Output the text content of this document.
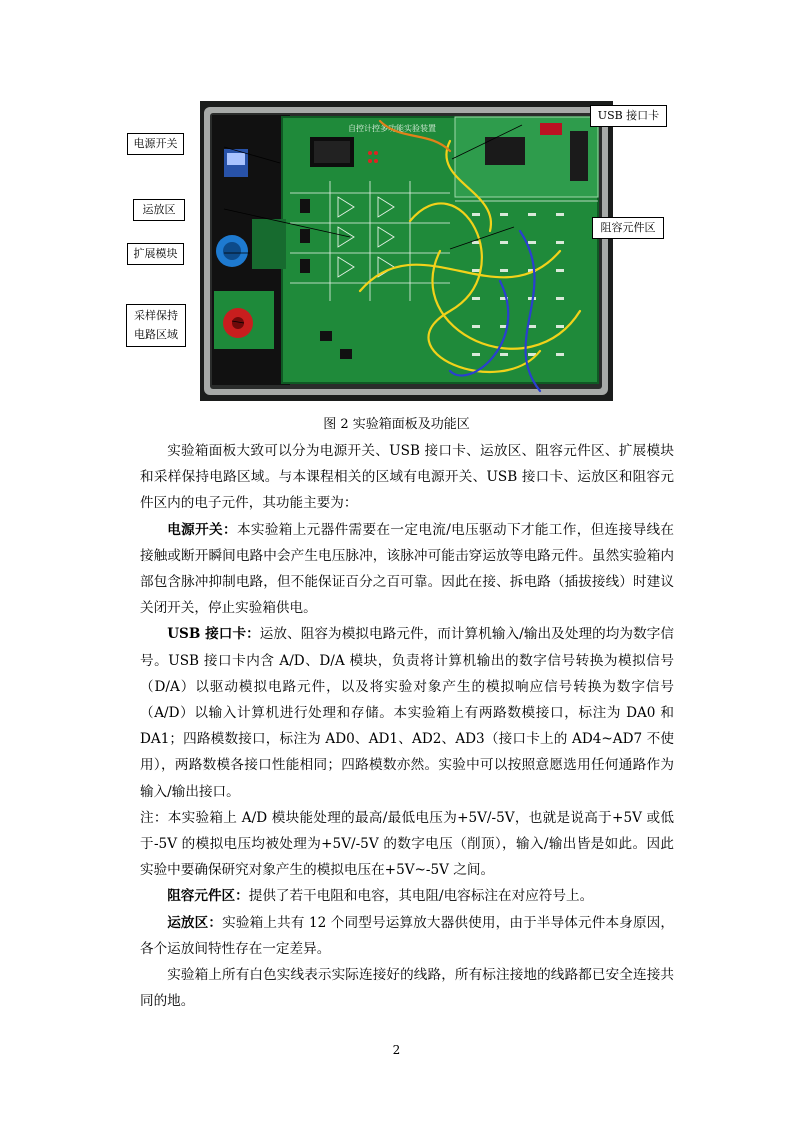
自控计控多功能实验装置
电源开关
运放区
扩展模块
采样保持
电路区域
USB 接口卡
阻容元件区
图 2 实验箱面板及功能区

实验箱面板大致可以分为电源开关、USB 接口卡、运放区、阻容元件区、扩展模块和采样保持电路区域。与本课程相关的区域有电源开关、USB 接口卡、运放区和阻容元件区内的电子元件，其功能主要为：

电源开关：本实验箱上元器件需要在一定电流/电压驱动下才能工作，但连接导线在接触或断开瞬间电路中会产生电压脉冲，该脉冲可能击穿运放等电路元件。虽然实验箱内部包含脉冲抑制电路，但不能保证百分之百可靠。因此在接、拆电路（插拔接线）时建议关闭开关，停止实验箱供电。

USB 接口卡：运放、阻容为模拟电路元件，而计算机输入/输出及处理的均为数字信号。USB 接口卡内含 A/D、D/A 模块，负责将计算机输出的数字信号转换为模拟信号（D/A）以驱动模拟电路元件，以及将实验对象产生的模拟响应信号转换为数字信号（A/D）以输入计算机进行处理和存储。本实验箱上有两路数模接口，标注为 DA0 和 DA1；四路模数接口，标注为 AD0、AD1、AD2、AD3（接口卡上的 AD4~AD7 不使用），两路数模各接口性能相同；四路模数亦然。实验中可以按照意愿选用任何通路作为输入/输出接口。

注：本实验箱上 A/D 模块能处理的最高/最低电压为+5V/-5V，也就是说高于+5V 或低于-5V 的模拟电压均被处理为+5V/-5V 的数字电压（削顶），输入/输出皆是如此。因此实验中要确保研究对象产生的模拟电压在+5V~-5V 之间。

阻容元件区：提供了若干电阻和电容，其电阻/电容标注在对应符号上。

运放区：实验箱上共有 12 个同型号运算放大器供使用，由于半导体元件本身原因，各个运放间特性存在一定差异。

实验箱上所有白色实线表示实际连接好的线路，所有标注接地的线路都已安全连接共同的地。

2
